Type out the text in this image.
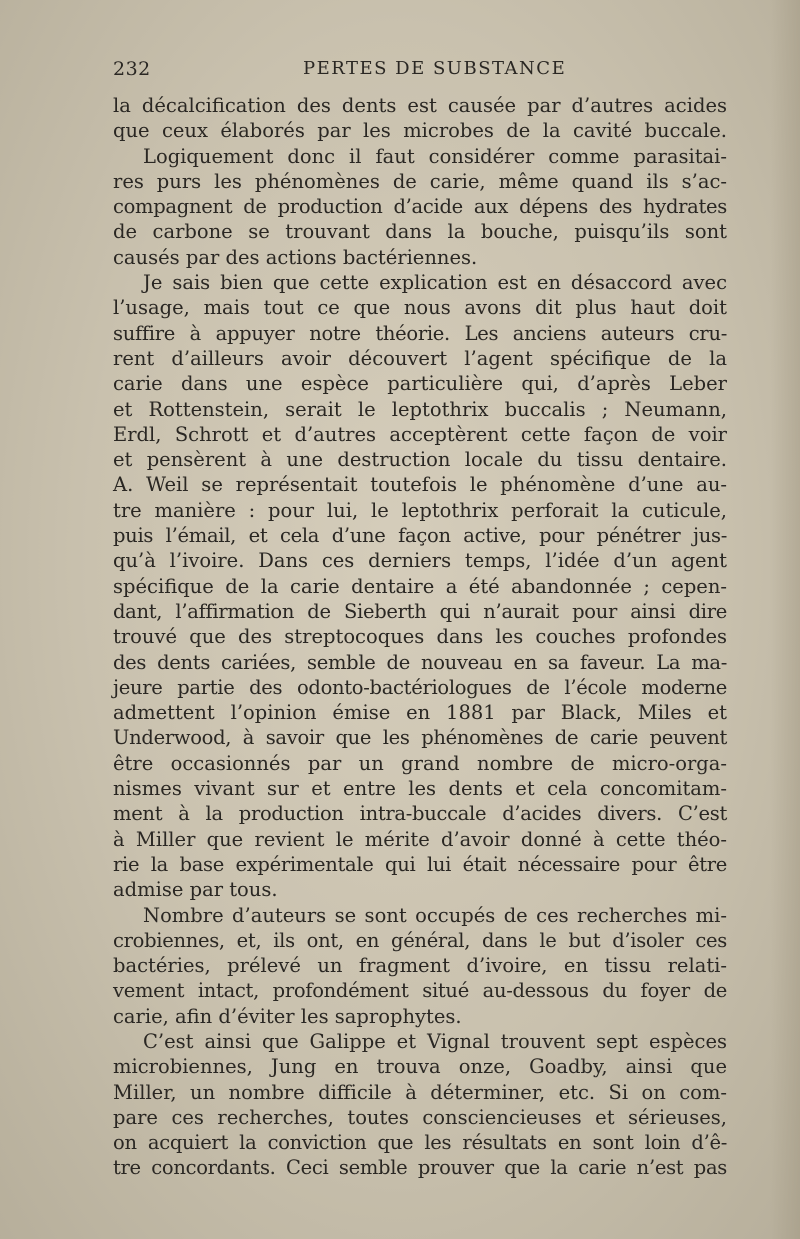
232	PERTES DE SUBSTANCE
la décalcification des dents est causée par d’autres acides
que ceux élaborés par les microbes de la cavité buccale.
Logiquement donc il faut considérer comme parasitai-
res purs les phénomènes de carie, même quand ils s’ac-
compagnent de production d’acide aux dépens des hydrates
de carbone se trouvant dans la bouche, puisqu’ils sont
causés par des actions bactériennes.
Je sais bien que cette explication est en désaccord avec
l’usage, mais tout ce que nous avons dit plus haut doit
suffire à appuyer notre théorie. Les anciens auteurs cru-
rent d’ailleurs avoir découvert l’agent spécifique de la
carie dans une espèce particulière qui, d’après Leber
et Rottenstein, serait le leptothrix buccalis ; Neumann,
Erdl, Schrott et d’autres acceptèrent cette façon de voir
et pensèrent à une destruction locale du tissu dentaire.
A. Weil se représentait toutefois le phénomène d’une au-
tre manière : pour lui, le leptothrix perforait la cuticule,
puis l’émail, et cela d’une façon active, pour pénétrer jus-
qu’à l’ivoire. Dans ces derniers temps, l’idée d’un agent
spécifique de la carie dentaire a été abandonnée ; cepen-
dant, l’affirmation de Sieberth qui n’aurait pour ainsi dire
trouvé que des streptocoques dans les couches profondes
des dents cariées, semble de nouveau en sa faveur. La ma-
jeure partie des odonto-bactériologues de l’école moderne
admettent l’opinion émise en 1881 par Black, Miles et
Underwood, à savoir que les phénomènes de carie peuvent
être occasionnés par un grand nombre de micro-orga-
nismes vivant sur et entre les dents et cela concomitam-
ment à la production intra-buccale d’acides divers. C’est
à Miller que revient le mérite d’avoir donné à cette théo-
rie la base expérimentale qui lui était nécessaire pour être
admise par tous.
Nombre d’auteurs se sont occupés de ces recherches mi-
crobiennes, et, ils ont, en général, dans le but d’isoler ces
bactéries, prélevé un fragment d’ivoire, en tissu relati-
vement intact, profondément situé au-dessous du foyer de
carie, afin d’éviter les saprophytes.
C’est ainsi que Galippe et Vignal trouvent sept espèces
microbiennes, Jung en trouva onze, Goadby, ainsi que
Miller, un nombre difficile à déterminer, etc. Si on com-
pare ces recherches, toutes consciencieuses et sérieuses,
on acquiert la conviction que les résultats en sont loin d’ê-
tre concordants. Ceci semble prouver que la carie n’est pas
